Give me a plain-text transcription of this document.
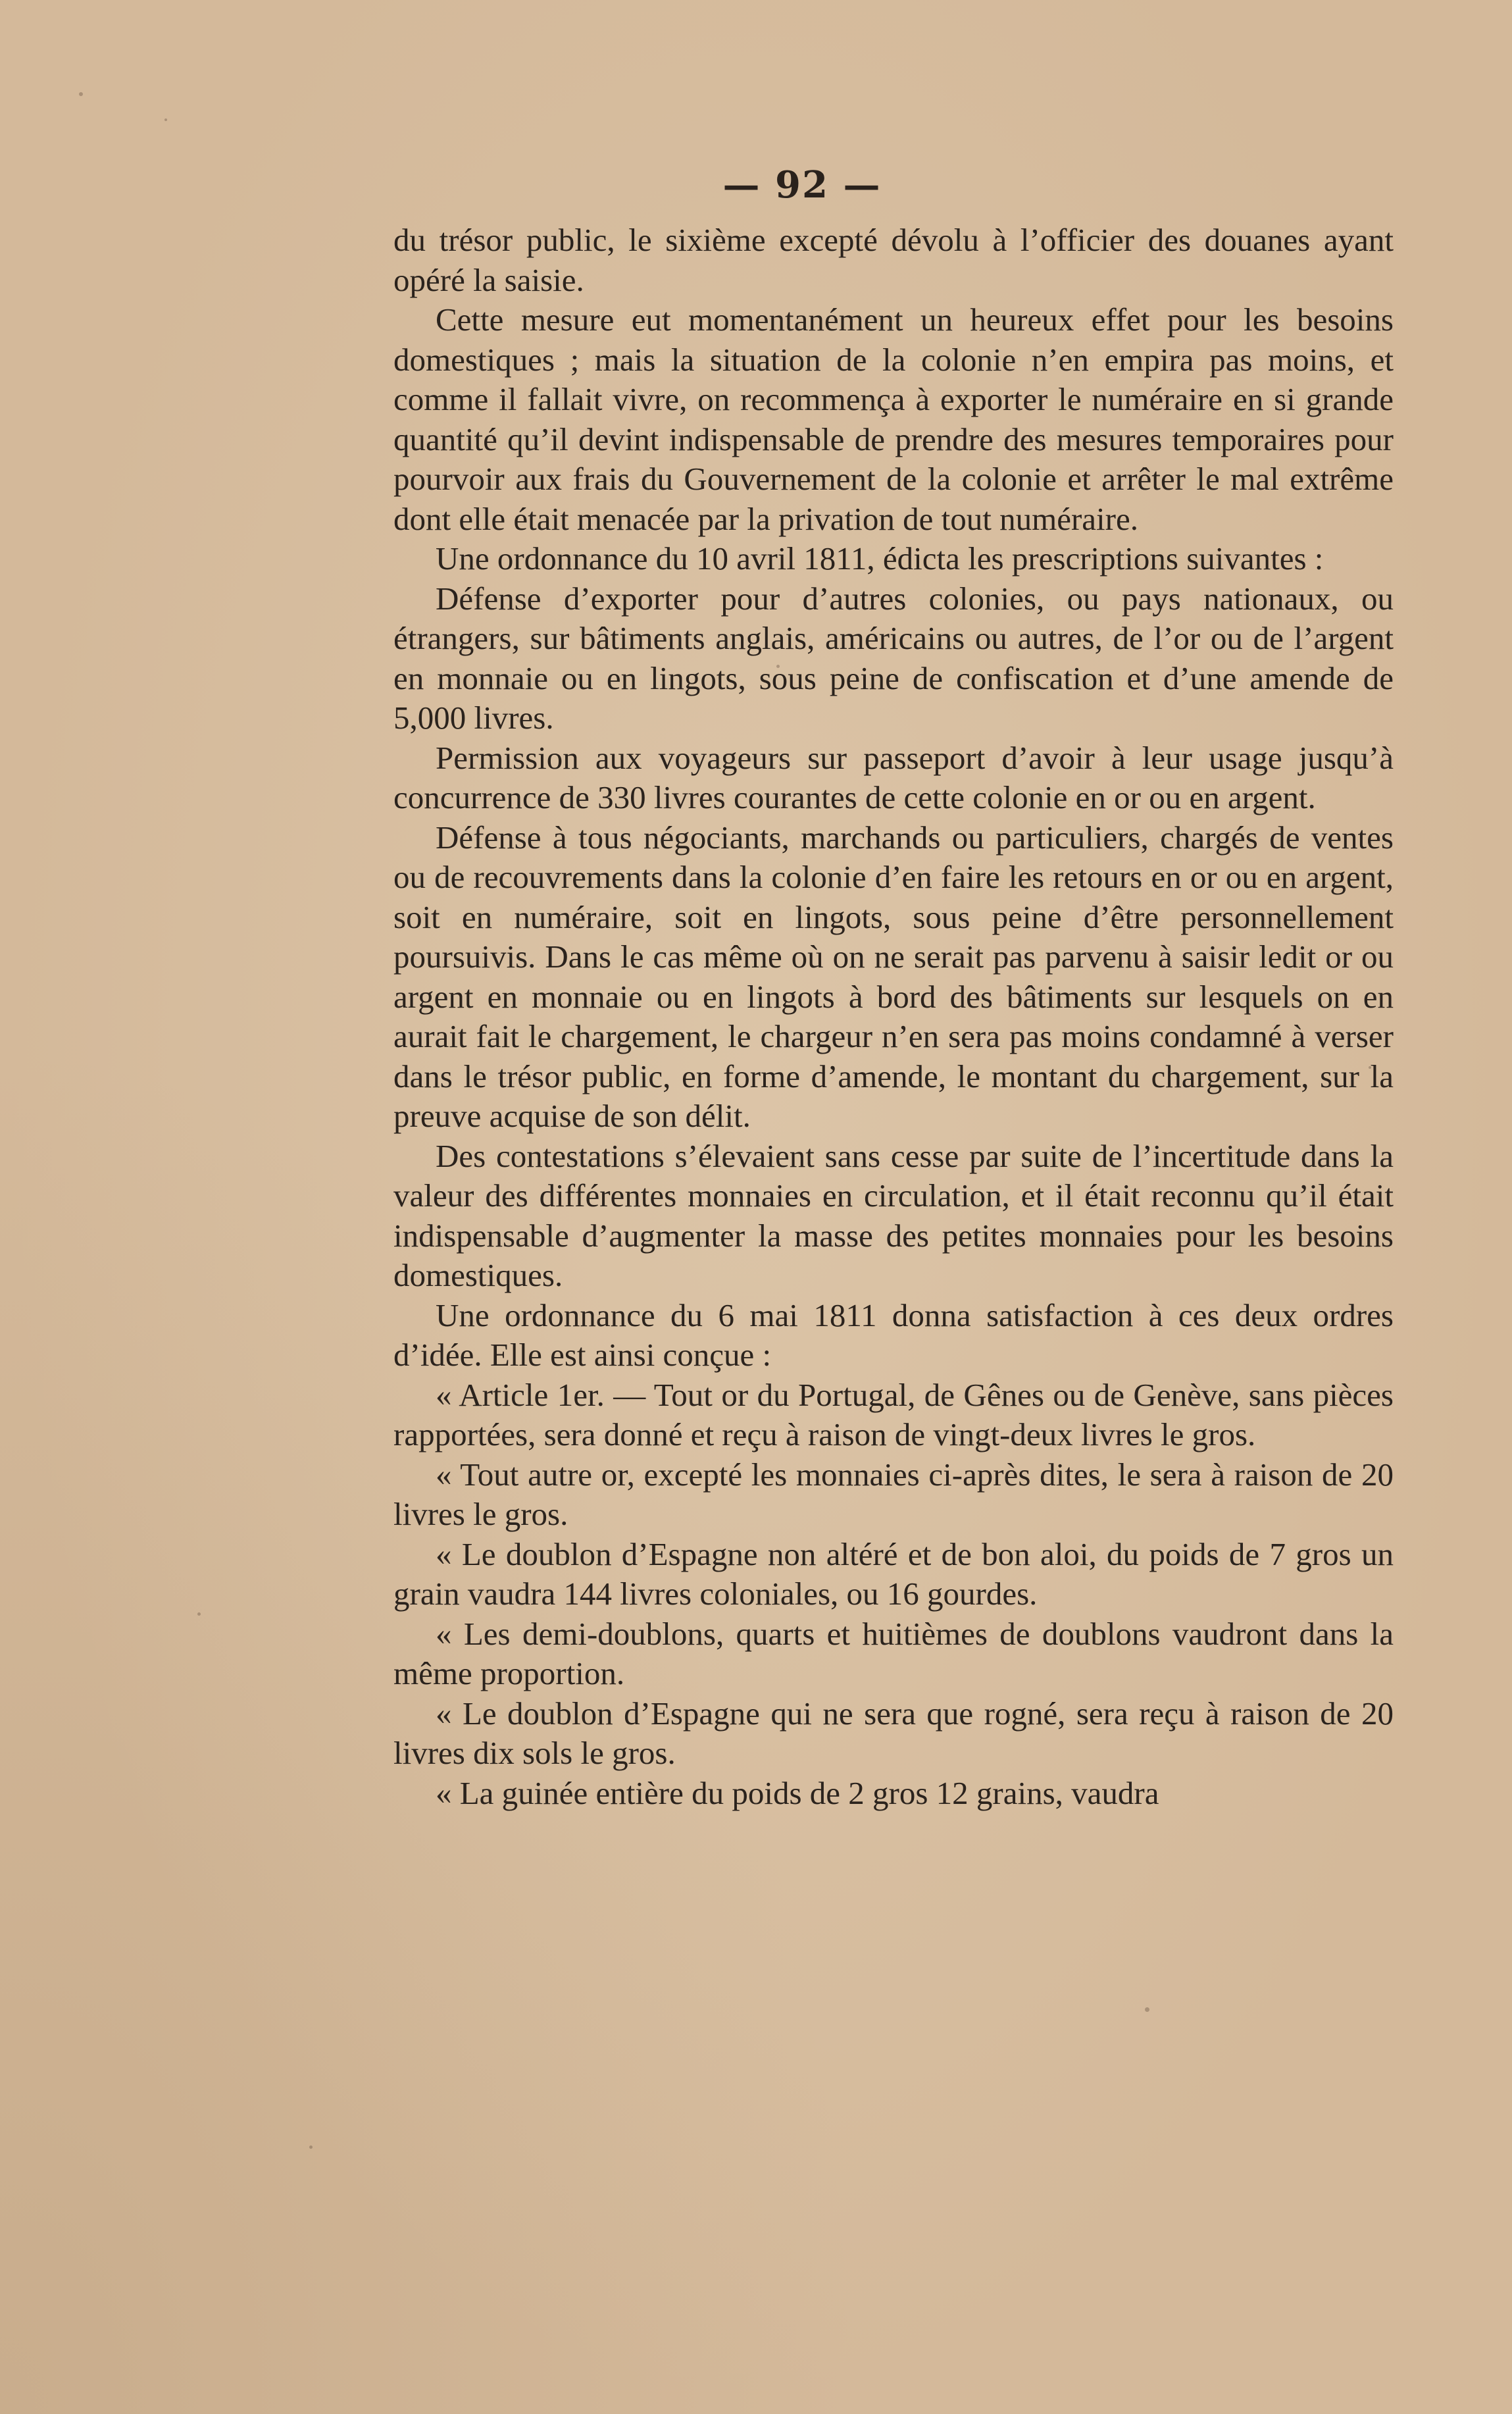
— 92 —

du trésor public, le sixième excepté dévolu à l’officier des douanes ayant opéré la saisie.

Cette mesure eut momentanément un heureux effet pour les besoins domestiques ; mais la situation de la colonie n’en empira pas moins, et comme il fallait vivre, on recommença à exporter le numéraire en si grande quantité qu’il devint indispensable de prendre des mesures temporaires pour pourvoir aux frais du Gouvernement de la colonie et arrêter le mal extrême dont elle était menacée par la privation de tout numéraire.

Une ordonnance du 10 avril 1811, édicta les prescriptions suivantes :

Défense d’exporter pour d’autres colonies, ou pays nationaux, ou étrangers, sur bâtiments anglais, américains ou autres, de l’or ou de l’argent en monnaie ou en lingots, sous peine de confiscation et d’une amende de 5,000 livres.

Permission aux voyageurs sur passeport d’avoir à leur usage jusqu’à concurrence de 330 livres courantes de cette colonie en or ou en argent.

Défense à tous négociants, marchands ou particuliers, chargés de ventes ou de recouvrements dans la colonie d’en faire les retours en or ou en argent, soit en numéraire, soit en lingots, sous peine d’être personnellement poursuivis. Dans le cas même où on ne serait pas parvenu à saisir ledit or ou argent en monnaie ou en lingots à bord des bâtiments sur lesquels on en aurait fait le chargement, le chargeur n’en sera pas moins condamné à verser dans le trésor public, en forme d’amende, le montant du chargement, sur la preuve acquise de son délit.

Des contestations s’élevaient sans cesse par suite de l’incertitude dans la valeur des différentes monnaies en circulation, et il était reconnu qu’il était indispensable d’augmenter la masse des petites monnaies pour les besoins domestiques.

Une ordonnance du 6 mai 1811 donna satisfaction à ces deux ordres d’idée. Elle est ainsi conçue :

« Article 1er. — Tout or du Portugal, de Gênes ou de Genève, sans pièces rapportées, sera donné et reçu à raison de vingt-deux livres le gros.

« Tout autre or, excepté les monnaies ci-après dites, le sera à raison de 20 livres le gros.

« Le doublon d’Espagne non altéré et de bon aloi, du poids de 7 gros un grain vaudra 144 livres coloniales, ou 16 gourdes.

« Les demi-doublons, quarts et huitièmes de doublons vaudront dans la même proportion.

« Le doublon d’Espagne qui ne sera que rogné, sera reçu à raison de 20 livres dix sols le gros.

« La guinée entière du poids de 2 gros 12 grains, vaudra
